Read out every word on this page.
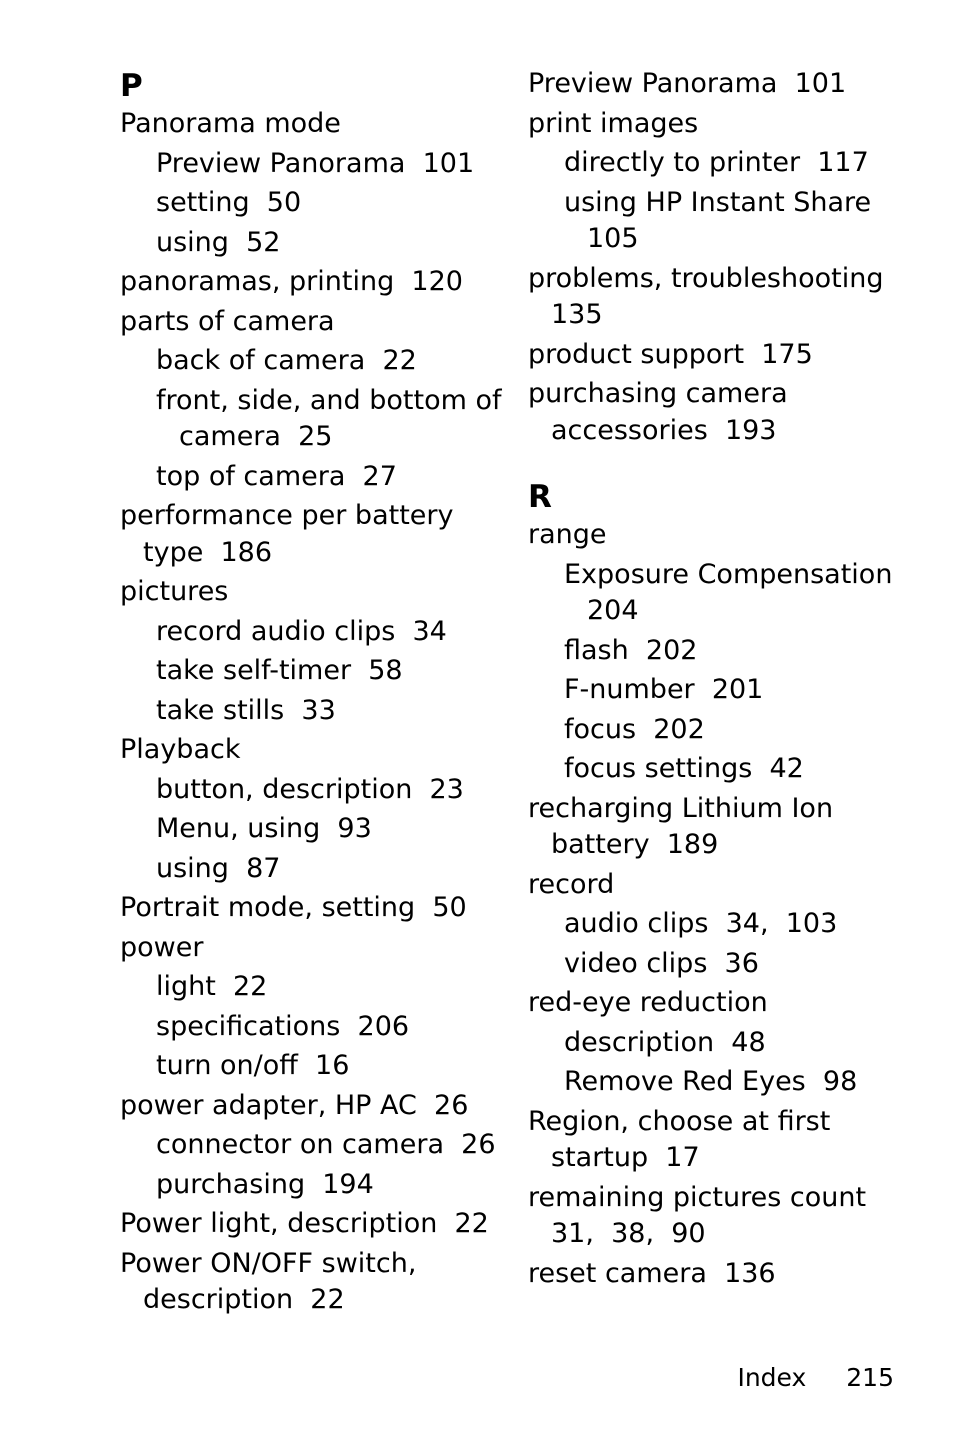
P
Panorama mode
Preview Panorama  101
setting  50
using  52
panoramas, printing  120
parts of camera
back of camera  22
front, side, and bottom of
camera  25
top of camera  27
performance per battery
type  186
pictures
record audio clips  34
take self-timer  58
take stills  33
Playback
button, description  23
Menu, using  93
using  87
Portrait mode, setting  50
power
light  22
specifications  206
turn on/off  16
power adapter, HP AC  26
connector on camera  26
purchasing  194
Power light, description  22
Power ON/OFF switch,
description  22
Preview Panorama  101
print images
directly to printer  117
using HP Instant Share
105
problems, troubleshooting
135
product support  175
purchasing camera
accessories  193
R
range
Exposure Compensation
204
flash  202
F-number  201
focus  202
focus settings  42
recharging Lithium Ion
battery  189
record
audio clips  34,  103
video clips  36
red-eye reduction
description  48
Remove Red Eyes  98
Region, choose at first
startup  17
remaining pictures count
31,  38,  90
reset camera  136
Index 215
